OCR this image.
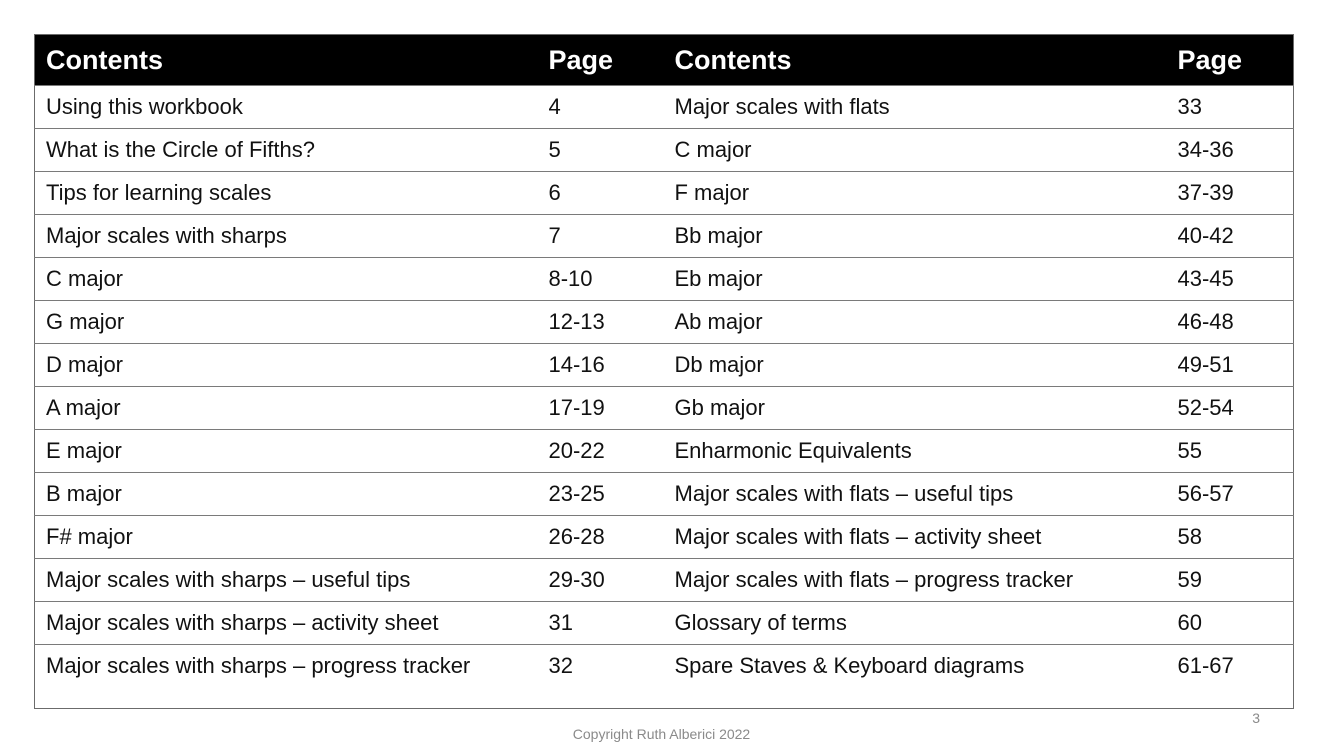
Contents	Page	Contents	Page
Using this workbook	4	Major scales with flats	33
What is the Circle of Fifths?	5	C major	34-36
Tips for learning scales	6	F major	37-39
Major scales with sharps	7	Bb major	40-42
C major	8-10	Eb major	43-45
G major	12-13	Ab major	46-48
D major	14-16	Db major	49-51
A major	17-19	Gb major	52-54
E major	20-22	Enharmonic Equivalents	55
B major	23-25	Major scales with flats – useful tips	56-57
F# major	26-28	Major scales with flats – activity sheet	58
Major scales with sharps – useful tips	29-30	Major scales with flats – progress tracker	59
Major scales with sharps – activity sheet	31	Glossary of terms	60
Major scales with sharps – progress tracker	32	Spare Staves & Keyboard diagrams	61-67
3
Copyright Ruth Alberici 2022
